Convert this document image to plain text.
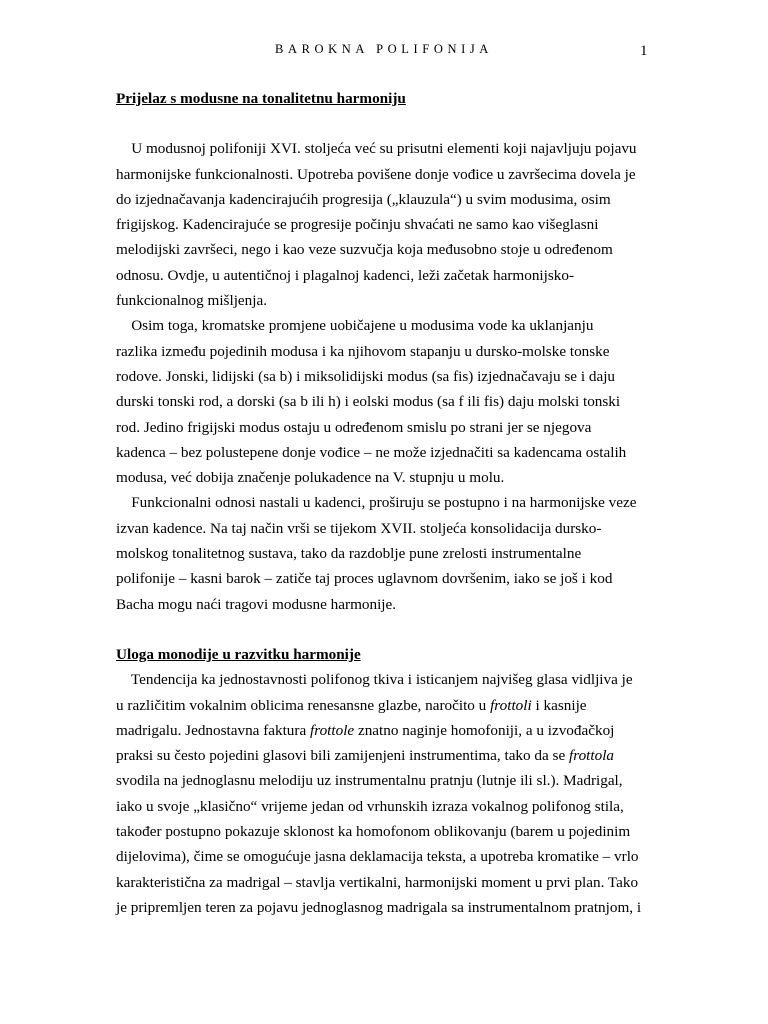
BAROKNA POLIFONIJA	1
Prijelaz s modusne na tonalitetnu harmoniju
U modusnoj polifoniji XVI. stoljeća već su prisutni elementi koji najavljuju pojavu
harmonijske funkcionalnosti. Upotreba povišene donje vođice u završecima dovela je
do izjednačavanja kadencirajućih progresija („klauzula“) u svim modusima, osim
frigijskog. Kadencirajuće se progresije počinju shvaćati ne samo kao višeglasni
melodijski završeci, nego i kao veze suzvučja koja međusobno stoje u određenom
odnosu. Ovdje, u autentičnoj i plagalnoj kadenci, leži začetak harmonijsko-
funkcionalnog mišljenja.
Osim toga, kromatske promjene uobičajene u modusima vode ka uklanjanju
razlika između pojedinih modusa i ka njihovom stapanju u dursko-molske tonske
rodove. Jonski, lidijski (sa b) i miksolidijski modus (sa fis) izjednačavaju se i daju
durski tonski rod, a dorski (sa b ili h) i eolski modus (sa f ili fis) daju molski tonski
rod. Jedino frigijski modus ostaju u određenom smislu po strani jer se njegova
kadenca – bez polustepene donje vođice – ne može izjednačiti sa kadencama ostalih
modusa, već dobija značenje polukadence na V. stupnju u molu.
Funkcionalni odnosi nastali u kadenci, proširuju se postupno i na harmonijske veze
izvan kadence. Na taj način vrši se tijekom XVII. stoljeća konsolidacija dursko-
molskog tonalitetnog sustava, tako da razdoblje pune zrelosti instrumentalne
polifonije – kasni barok – zatiče taj proces uglavnom dovršenim, iako se još i kod
Bacha mogu naći tragovi modusne harmonije.
Uloga monodije u razvitku harmonije
Tendencija ka jednostavnosti polifonog tkiva i isticanjem najvišeg glasa vidljiva je
u različitim vokalnim oblicima renesansne glazbe, naročito u frottoli i kasnije
madrigalu. Jednostavna faktura frottole znatno naginje homofoniji, a u izvođačkoj
praksi su često pojedini glasovi bili zamijenjeni instrumentima, tako da se frottola
svodila na jednoglasnu melodiju uz instrumentalnu pratnju (lutnje ili sl.). Madrigal,
iako u svoje „klasično“ vrijeme jedan od vrhunskih izraza vokalnog polifonog stila,
također postupno pokazuje sklonost ka homofonom oblikovanju (barem u pojedinim
dijelovima), čime se omogućuje jasna deklamacija teksta, a upotreba kromatike – vrlo
karakteristična za madrigal – stavlja vertikalni, harmonijski moment u prvi plan. Tako
je pripremljen teren za pojavu jednoglasnog madrigala sa instrumentalnom pratnjom, i
